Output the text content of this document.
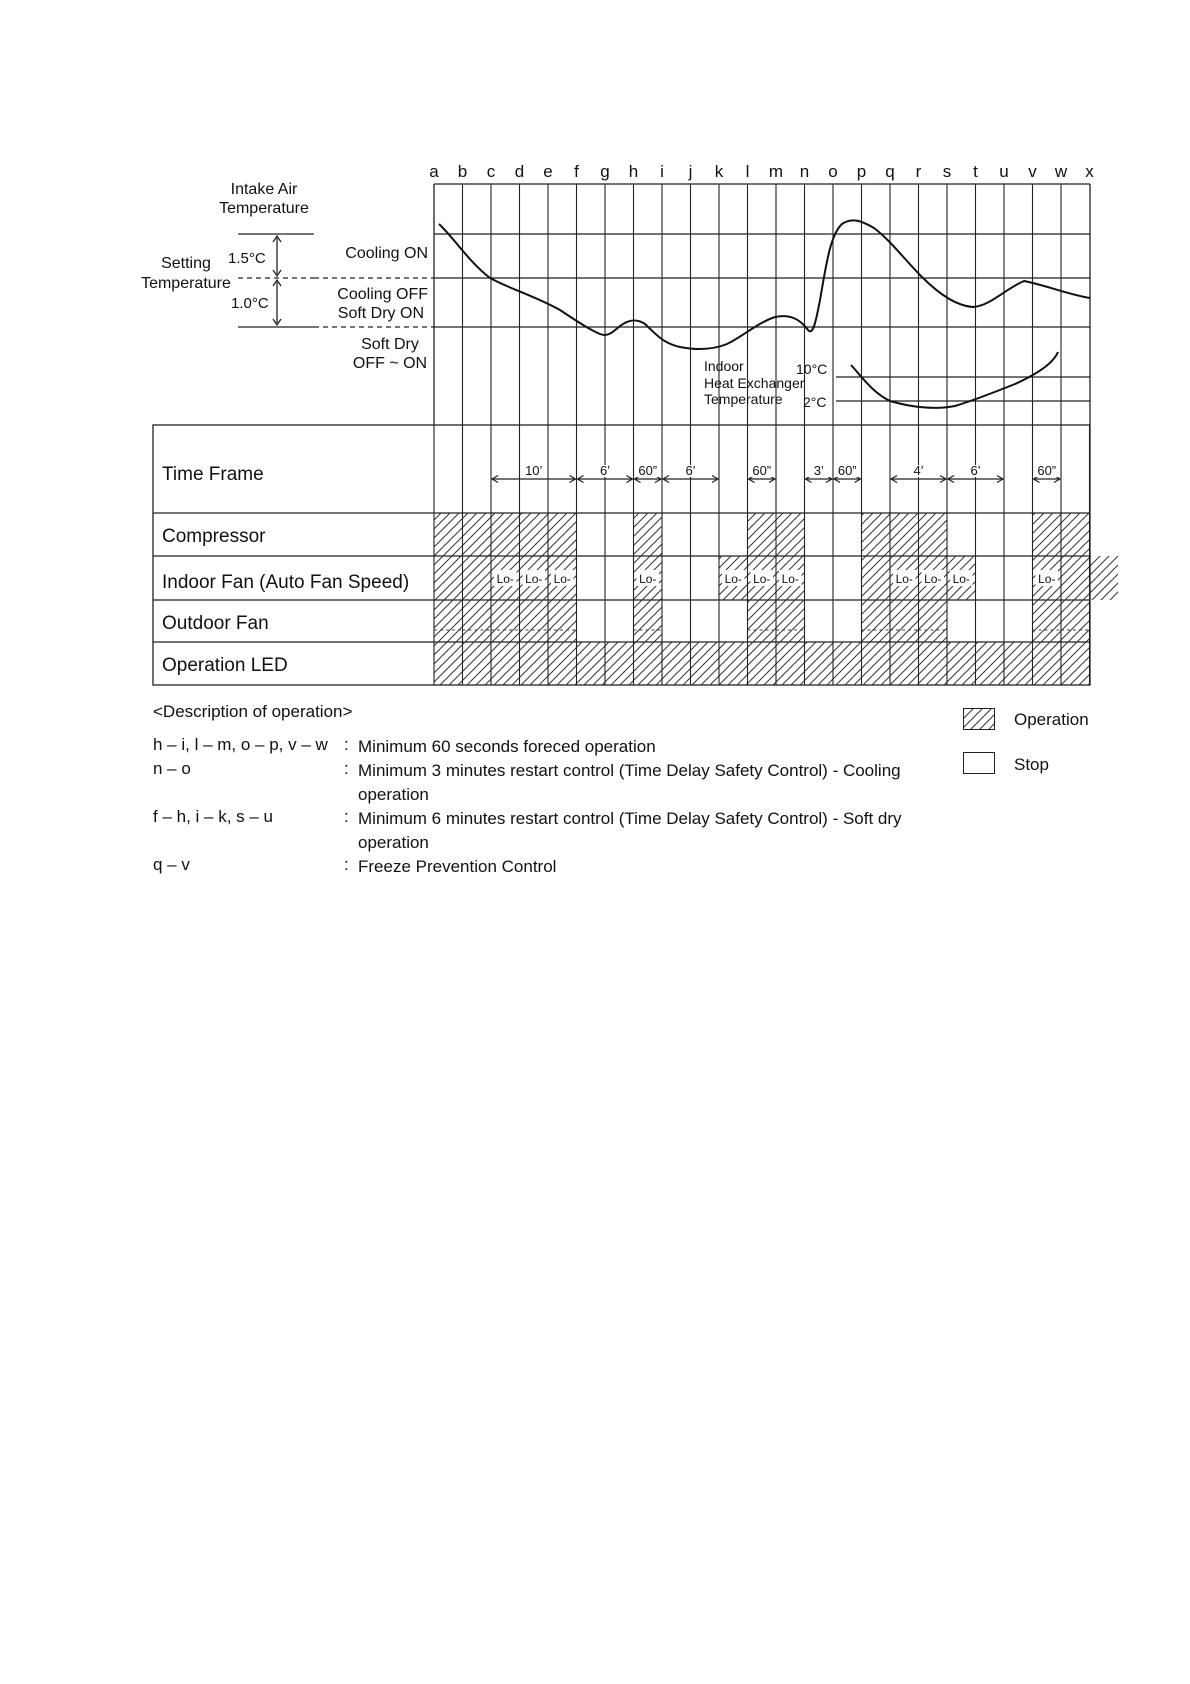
a b c d e f g h i j k l m n o p q r s t u v w x
Intake Air
Temperature
Setting
Temperature
1.5°C
1.0°C
Cooling ON
Cooling OFF
Soft Dry ON
Soft Dry
OFF ~ ON	Indoor
Heat Exchanger
Temperature
10°C
2°C
Lo- Lo- Lo-	Lo-	Lo- Lo- Lo-	Lo- Lo- Lo-	Lo-
10’	6’ 60” 6’	60”	3’ 60”	4’	6’	60”
Time Frame
Compressor
Indoor Fan (Auto Fan Speed)
Outdoor Fan
Operation LED
Operation
Stop
<Description of operation>
h – i, l – m, o – p, v – w : Minimum 60 seconds foreced operation
n – o	: Minimum 3 minutes restart control (Time Delay Safety Control) - Cooling operation
f – h, i – k, s – u	: Minimum 6 minutes restart control (Time Delay Safety Control) - Soft dry operation
q – v	: Freeze Prevention Control
